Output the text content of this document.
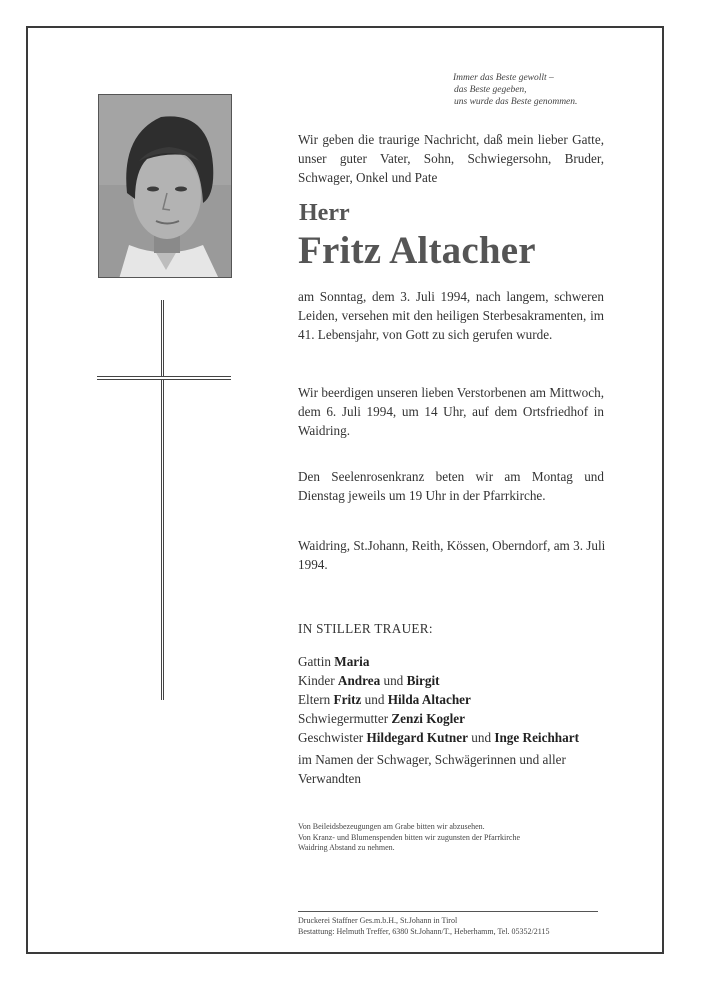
Immer das Beste gewollt –
das Beste gegeben,
uns wurde das Beste genommen.
Wir geben die traurige Nachricht, daß mein lieber Gatte, unser guter Vater, Sohn, Schwiegersohn, Bruder, Schwager, Onkel und Pate
Herr
Fritz Altacher
am Sonntag, dem 3. Juli 1994, nach langem, schweren Leiden, versehen mit den heiligen Sterbesakramenten, im 41. Lebensjahr, von Gott zu sich gerufen wurde.
Wir beerdigen unseren lieben Verstorbenen am Mittwoch, dem 6. Juli 1994, um 14 Uhr, auf dem Ortsfriedhof in Waidring.
Den Seelenrosenkranz beten wir am Montag und Dienstag jeweils um 19 Uhr in der Pfarrkirche.
Waidring, St.Johann, Reith, Kössen, Oberndorf, am 3. Juli 1994.
IN STILLER TRAUER:
Gattin Maria
Kinder Andrea und Birgit
Eltern Fritz und Hilda Altacher
Schwiegermutter Zenzi Kogler
Geschwister Hildegard Kutner und Inge Reichhart
im Namen der Schwager, Schwägerinnen und aller Verwandten
Von Beileidsbezeugungen am Grabe bitten wir abzusehen.
Von Kranz- und Blumenspenden bitten wir zugunsten der Pfarrkirche
Waidring Abstand zu nehmen.
Druckerei Staffner Ges.m.b.H., St.Johann in Tirol
Bestattung: Helmuth Treffer, 6380 St.Johann/T., Heberhamm, Tel. 05352/2115
